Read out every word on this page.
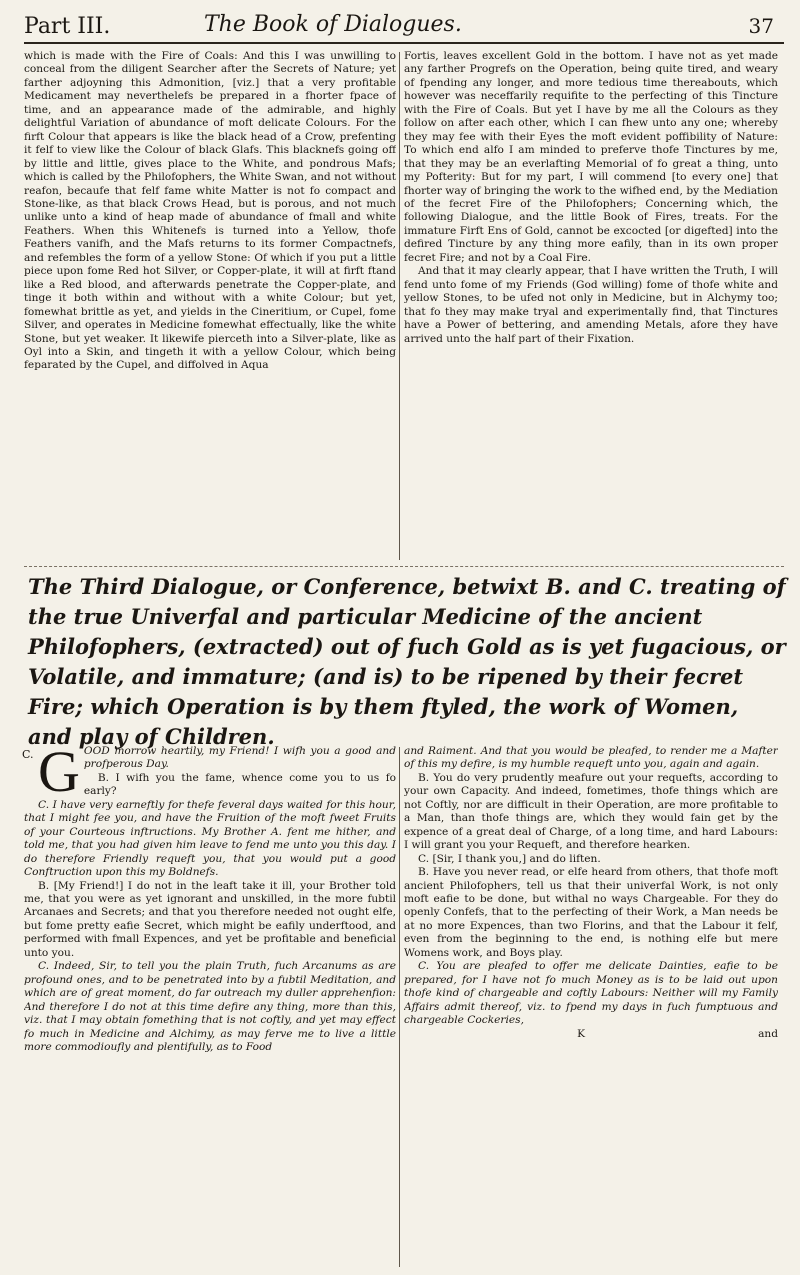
Part III.	The Book of Dialogues.	37

which is made with the Fire of Coals: And this I was unwilling to conceal from the diligent Searcher after the Secrets of Nature; yet farther adjoyning this Admonition, [viz.] that a very profitable Medicament may neverthelefs be prepared in a fhorter fpace of time, and an appearance made of the admirable, and highly delightful Variation of abundance of moft delicate Colours. For the firft Colour that appears is like the black head of a Crow, prefenting it felf to view like the Colour of black Glafs. This blacknefs going off by little and little, gives place to the White, and pondrous Mafs; which is called by the Philofophers, the White Swan, and not without reafon, becaufe that felf fame white Matter is not fo compact and Stone-like, as that black Crows Head, but is porous, and not much unlike unto a kind of heap made of abundance of fmall and white Feathers. When this Whitenefs is turned into a Yellow, thofe Feathers vanifh, and the Mafs returns to its former Compactnefs, and refembles the form of a yellow Stone: Of which if you put a little piece upon fome Red hot Silver, or Copper-plate, it will at firft ftand like a Red blood, and afterwards penetrate the Copper-plate, and tinge it both within and without with a white Colour; but yet, fomewhat brittle as yet, and yields in the Cineritium, or Cupel, fome Silver, and operates in Medicine fomewhat effectually, like the white Stone, but yet weaker. It likewife pierceth into a Silver-plate, like as Oyl into a Skin, and tingeth it with a yellow Colour, which being feparated by the Cupel, and diffolved in Aqua

Fortis, leaves excellent Gold in the bottom. I have not as yet made any farther Progrefs on the Operation, being quite tired, and weary of fpending any longer, and more tedious time thereabouts, which however was neceffarily requifite to the perfecting of this Tincture with the Fire of Coals. But yet I have by me all the Colours as they follow on after each other, which I can fhew unto any one; whereby they may fee with their Eyes the moft evident poffibility of Nature: To which end alfo I am minded to preferve thofe Tinctures by me, that they may be an everlafting Memorial of fo great a thing, unto my Pofterity: But for my part, I will commend [to every one] that fhorter way of bringing the work to the wifhed end, by the Mediation of the fecret Fire of the Philofophers; Concerning which, the following Dialogue, and the little Book of Fires, treats. For the immature Firft Ens of Gold, cannot be excocted [or digefted] into the defired Tincture by any thing more eafily, than in its own proper fecret Fire; and not by a Coal Fire.

And that it may clearly appear, that I have written the Truth, I will fend unto fome of my Friends (God willing) fome of thofe white and yellow Stones, to be ufed not only in Medicine, but in Alchymy too; that fo they may make tryal and experimentally find, that Tinctures have a Power of bettering, and amending Metals, afore they have arrived unto the half part of their Fixation.

The Third Dialogue, or Conference, betwixt B. and C. treating of the true Univerfal and particular Medicine of the ancient Philofophers, (extracted) out of fuch Gold as is yet fugacious, or Volatile, and immature; (and is) to be ripened by their fecret Fire; which Operation is by them ftyled, the work of Women, and play of Children.

G OOD morrow heartily, my Friend! I wifh you a good and profperous Day.

B. I wifh you the fame, whence come you to us fo early?

C. I have very earneftly for thefe feveral days waited for this hour, that I might fee you, and have the Fruition of the moft fweet Fruits of your Courteous inftructions. My Brother A. fent me hither, and told me, that you had given him leave to fend me unto you this day. I do therefore Friendly requeft you, that you would put a good Conftruction upon this my Boldnefs.

B. [My Friend!] I do not in the leaft take it ill, your Brother told me, that you were as yet ignorant and unskilled, in the more fubtil Arcanaes and Secrets; and that you therefore needed not ought elfe, but fome pretty eafie Secret, which might be eafily underftood, and performed with fmall Expences, and yet be profitable and beneficial unto you.

C. Indeed, Sir, to tell you the plain Truth, fuch Arcanums as are profound ones, and to be penetrated into by a fubtil Meditation, and which are of great moment, do far outreach my duller apprehenfion: And therefore I do not at this time defire any thing, more than this, viz. that I may obtain fomething that is not coftly, and yet may effect fo much in Medicine and Alchimy, as may ferve me to live a little more commodioufly and plentifully, as to Food

C.	and Raiment. And that you would be pleafed, to render me a Mafter of this my defire, is my humble requeft unto you, again and again.

B. You do very prudently meafure out your requefts, according to your own Capacity. And indeed, fometimes, thofe things which are not Coftly, nor are difficult in their Operation, are more profitable to a Man, than thofe things are, which they would fain get by the expence of a great deal of Charge, of a long time, and hard Labours: I will grant you your Requeft, and therefore hearken.

C. [Sir, I thank you,] and do liften.

B. Have you never read, or elfe heard from others, that thofe moft ancient Philofophers, tell us that their univerfal Work, is not only moft eafie to be done, but withal no ways Chargeable. For they do openly Confefs, that to the perfecting of their Work, a Man needs be at no more Expences, than two Florins, and that the Labour it felf, even from the beginning to the end, is nothing elfe but mere Womens work, and Boys play.

C. You are pleafed to offer me delicate Dainties, eafie to be prepared, for I have not fo much Money as is to be laid out upon thofe kind of chargeable and coftly Labours: Neither will my Family Affairs admit thereof, viz. to fpend my days in fuch fumptuous and chargeable Cockeries,

K	and
